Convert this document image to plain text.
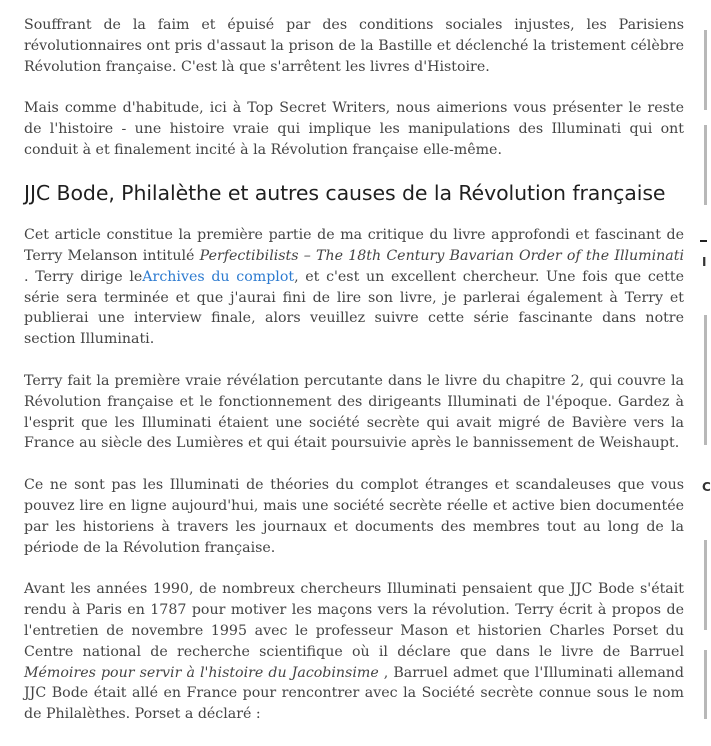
Souffrant de la faim et épuisé par des conditions sociales injustes, les Parisiens révolutionnaires ont pris d'assaut la prison de la Bastille et déclenché la tristement célèbre Révolution française. C'est là que s'arrêtent les livres d'Histoire.

Mais comme d'habitude, ici à Top Secret Writers, nous aimerions vous présenter le reste de l'histoire - une histoire vraie qui implique les manipulations des Illuminati qui ont conduit à et finalement incité à la Révolution française elle-même.

JJC Bode, Philalèthe et autres causes de la Révolution française

Cet article constitue la première partie de ma critique du livre approfondi et fascinant de Terry Melanson intitulé Perfectibilists – The 18th Century Bavarian Order of the Illuminati . Terry dirige leArchives du complot, et c'est un excellent chercheur. Une fois que cette série sera terminée et que j'aurai fini de lire son livre, je parlerai également à Terry et publierai une interview finale, alors veuillez suivre cette série fascinante dans notre section Illuminati.

Terry fait la première vraie révélation percutante dans le livre du chapitre 2, qui couvre la Révolution française et le fonctionnement des dirigeants Illuminati de l'époque. Gardez à l'esprit que les Illuminati étaient une société secrète qui avait migré de Bavière vers la France au siècle des Lumières et qui était poursuivie après le bannissement de Weishaupt.

Ce ne sont pas les Illuminati de théories du complot étranges et scandaleuses que vous pouvez lire en ligne aujourd'hui, mais une société secrète réelle et active bien documentée par les historiens à travers les journaux et documents des membres tout au long de la période de la Révolution française.

Avant les années 1990, de nombreux chercheurs Illuminati pensaient que JJC Bode s'était rendu à Paris en 1787 pour motiver les maçons vers la révolution. Terry écrit à propos de l'entretien de novembre 1995 avec le professeur Mason et historien Charles Porset du Centre national de recherche scientifique où il déclare que dans le livre de Barruel Mémoires pour servir à l'histoire du Jacobinsime , Barruel admet que l'Illuminati allemand JJC Bode était allé en France pour rencontrer avec la Société secrète connue sous le nom de Philalèthes. Porset a déclaré :

I
C
